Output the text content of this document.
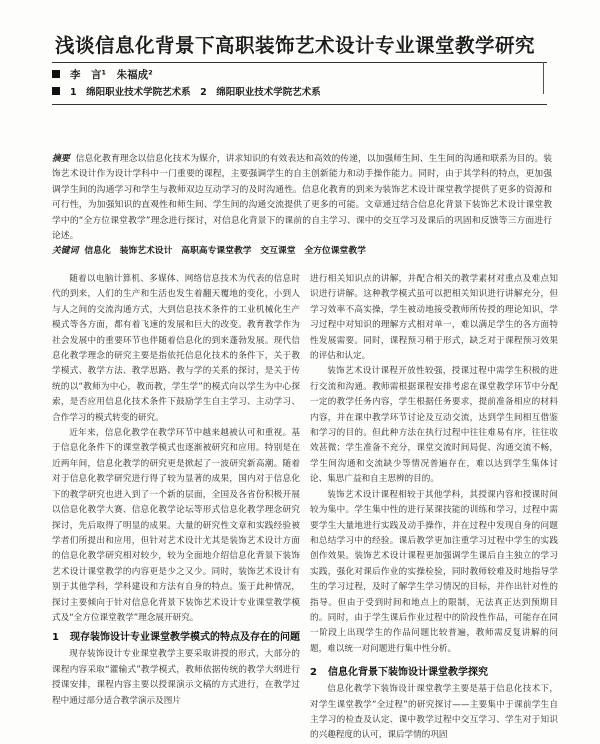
浅谈信息化背景下高职装饰艺术设计专业课堂教学研究
李　言¹　朱福成²
1　绵阳职业技术学院艺术系　2　绵阳职业技术学院艺术系
摘要 信息化教育理念以信息化技术为媒介，讲求知识的有效表达和高效的传递，以加强师生间、生生间的沟通和联系为目的。装饰艺术设计作为设计学科中一门重要的课程，主要强调学生的自主创新能力和动手操作能力。同时，由于其学科的特点，更加强调学生间的沟通学习和学生与教师双边互动学习的及时沟通性。信息化教育的到来为装饰艺术设计课堂教学提供了更多的资源和可行性，为加强知识的直观性和师生间、学生间的沟通交流提供了更多的可能。文章通过结合信息化背景下装饰艺术设计课堂教学中的“全方位课堂教学”理念进行探讨，对信息化背景下的课前的自主学习、课中的交互学习及课后的巩固和反馈等三方面进行论述。
关键词 信息化　装饰艺术设计　高职高专课堂教学　交互课堂　全方位课堂教学

随着以电脑计算机、多媒体、网络信息技术为代表的信息时代的到来，人们的生产和生活也发生着翻天覆地的变化，小到人与人之间的交流沟通方式，大到信息技术条件的工业机械化生产模式等各方面，都有着飞速的发展和巨大的改变。教育教学作为社会发展中的重要环节也伴随着信息化的到来蓬勃发展。现代信息化教学理念的研究主要是指依托信息化技术的条件下，关于教学模式、教学方法、教学思路、教与学的关系的探讨，是关于传统的以“教师为中心，教而教，学生学”的模式向以学生为中心探索，是否应用信息化技术条件下鼓励学生自主学习、主动学习、合作学习的模式转变的研究。

近年来，信息化教学在教学环节中越来越被认可和重视。基于信息化条件下的课堂教学模式也逐渐被研究和应用。特别是在近两年间，信息化教学的研究更是掀起了一波研究新高潮。随着对于信息化教学研究进行得了较为显著的成果，国内对于信息化下的教学研究也进入到了一个新的层面，全国及各省份积极开展以信息化教学大赛、信息化教学论坛等形式信息化教学理念研究探讨，先后取得了明显的成果。大量的研究性文章和实践经验被学者们所提出和应用，但针对艺术设计尤其是装饰艺术设计方面的信息化教学研究相对较少，较为全面地介绍信息化背景下装饰艺术设计课堂教学的内容更是少之又少。同时，装饰艺术设计有别于其他学科，学科建设和方法有自身的特点。鉴于此种情况，探讨主要倾向于针对信息化背景下装饰艺术设计专业课堂教学模式及“全方位课堂教学”理念展开研究。

1 现存装饰设计专业课堂教学模式的特点及存在的问题

现存装饰设计专业课堂教学主要采取讲授的形式，大部分的课程内容采取“灌输式”教学模式，教师依据传统的教学大纲进行授课安排，课程内容主要以授课演示文稿的方式进行，在教学过程中通过部分适合教学演示及图片

进行相关知识点的讲解，并配合相关的教学素材对重点及难点知识进行讲解。这种教学模式虽可以把相关知识进行讲解充分，但学习效率不高实操，学生被动地接受教师所传授的理论知识，学习过程中对知识的理解方式相对单一，难以满足学生的各方面特性发展需要。同时，课程预习稍于形式，缺乏对于课程预习效果的评估和认定。

装饰艺术设计课程开放性较强，授课过程中需学生积极的进行交流和沟通。教师需根据课程安排考虑在课堂教学环节中分配一定的教学任务内容，学生根据任务要求，提前准备相应的材料内容，并在课中教学环节讨论及互动交流，达到学生间相互借鉴和学习的目的。但此种方法在执行过程中往往难易有序，往往收效甚微；学生准备不充分，课堂交流时间局促、沟通交流不畅，学生间沟通和交流缺少等情况普遍存在，难以达到学生集体讨论、集思广益和自主思辨的目的。

装饰艺术设计课程相较于其他学科，其授课内容和授课时间较为集中。学生集中性的进行某课技能的训练和学习，过程中需要学生大量地进行实践及动手操作，并在过程中发现自身的问题和总结学习中的经验。课后教学更加注重学习过程中学生的实践创作效果。装饰艺术设计课程更加强调学生课后自主独立的学习实践，强化对课后作业的实操检验，同时教师较难及时地指导学生的学习过程，及时了解学生学习情况的目标，并作出针对性的指导。但由于受到时间和地点上的限制，无法真正达到预期目的。同时，由于学生课后作业过程中的阶段性作品，可能存在同一阶段上出现学生的作品问题比较普遍，教师需反复讲解的问题，难以统一对问题进行集中性分析。

2 信息化背景下装饰设计课堂教学探究

信息化教学下装饰设计课堂教学主要是基于信息化技术下，对学生课堂教学“全过程”的研究探讨——主要集中于课前学生自主学习的检查及认定、课中教学过程中交互学习、学生对于知识的兴趣程度的认可，课后学情的巩固
